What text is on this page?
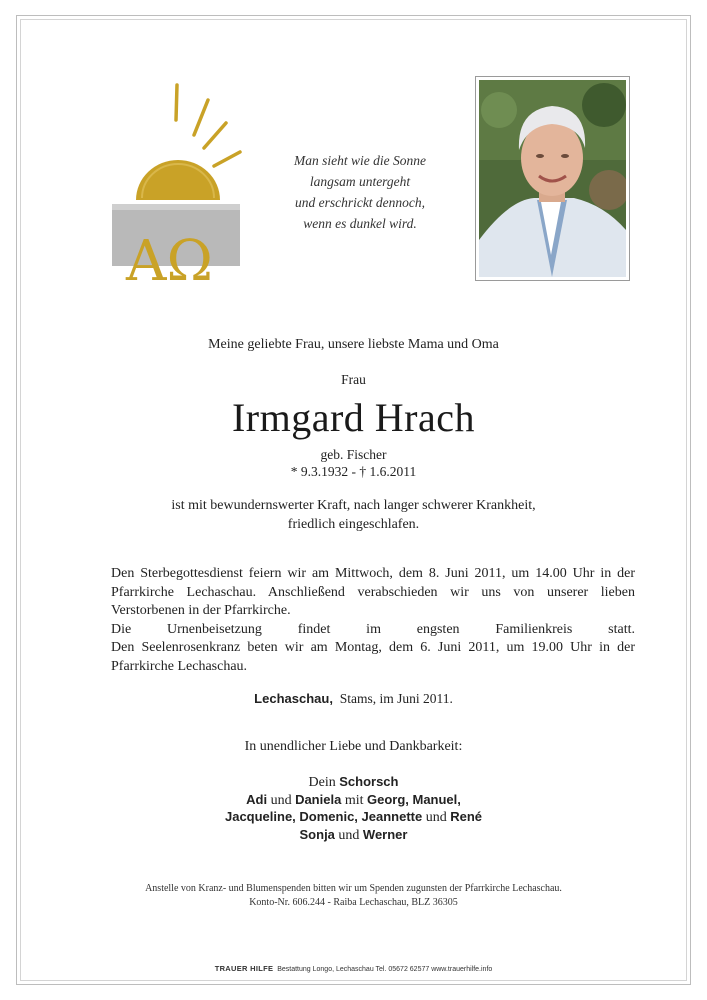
ΑΩ
Man sieht wie die Sonne
langsam untergeht
und erschrickt dennoch,
wenn es dunkel wird.
Meine geliebte Frau, unsere liebste Mama und Oma
Frau
Irmgard Hrach
geb. Fischer
* 9.3.1932 - † 1.6.2011
ist mit bewundernswerter Kraft, nach langer schwerer Krankheit,
friedlich eingeschlafen.

Den Sterbegottesdienst feiern wir am Mittwoch, dem 8. Juni 2011, um 14.00 Uhr in der Pfarrkirche Lechaschau. Anschließend verabschieden wir uns von unserer lieben Verstorbenen in der Pfarrkirche.

Die Urnenbeisetzung findet im engsten Familienkreis statt.

Den Seelenrosenkranz beten wir am Montag, dem 6. Juni 2011, um 19.00 Uhr in der Pfarrkirche Lechaschau.

Lechaschau, Stams, im Juni 2011.
In unendlicher Liebe und Dankbarkeit:
Dein Schorsch
Adi und Daniela mit Georg, Manuel,
Jacqueline, Domenic, Jeannette und René
Sonja und Werner
Anstelle von Kranz- und Blumenspenden bitten wir um Spenden zugunsten der Pfarrkirche Lechaschau.
Konto-Nr. 606.244 - Raiba Lechaschau, BLZ 36305
TRAUER HILFE Bestattung Longo, Lechaschau Tel. 05672 62577 www.trauerhilfe.info
